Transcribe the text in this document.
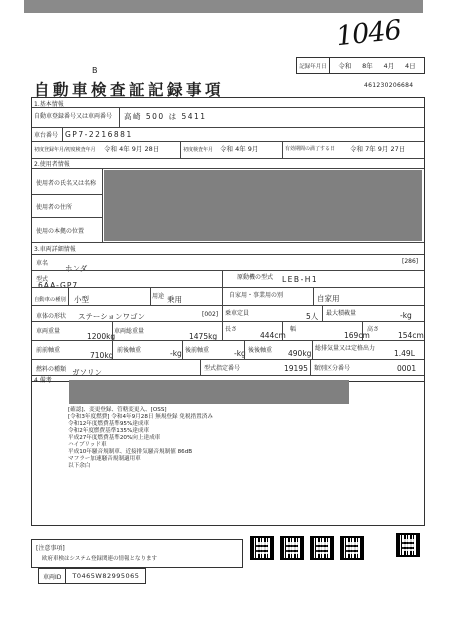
1046
記録年月日	令和 8年 4月 4日
B
自動車検査証記録事項	461230206684
1.基本情報
自動車登録番号又は車両番号 高崎 500 は 5411
車台番号 GP7-2216881
初度登録年月/初度検査年月 令和 4年 9月 28日	初度検査年月 令和 4年 9月	有効期間の満了する日 令和 7年 9月 27日
2.使用者情報
使用者の氏名又は名称
使用者の住所
使用の本拠の位置
3.車両詳細情報
車名
ホンダ
[286]
型式
6AA-GP7
原動機の型式 LEB-H1
自動車の種別 小型	用途 乗用	自家用・事業用の別	自家用
車体の形状 ステーションワゴン	[002] 乗車定員	5人 最大積載量	-kg
車両重量
1200kg
車両総重量
1475kg
長さ
444cm
幅
169cm
高さ
154cm
前前軸重
710kg
前後軸重	-kg 後前軸重	-kg 後後軸重 490kg
総排気量又は定格出力
1.49L
燃料の種類 ガソリン	型式指定番号	19195 類別区分番号	0001
4.備考
[確認]、変更登録、管轄変更入、[OSS]
[令和3年度燃費] 令和4年9月28日 無規登録 免税措置済み
令和12年度燃費基準95%達成車
令和2年度燃費基準135%達成車
平成27年度燃費基準20%向上達成車
ハイブリッド車
平成10年騒音規制車、近接排気騒音規制値 86dB
マフラー加速騒音規制適用車
以下余白
[注意事項]
欧府車検はシステム登録関連の情報となります
車両ID	T0465W82995065
